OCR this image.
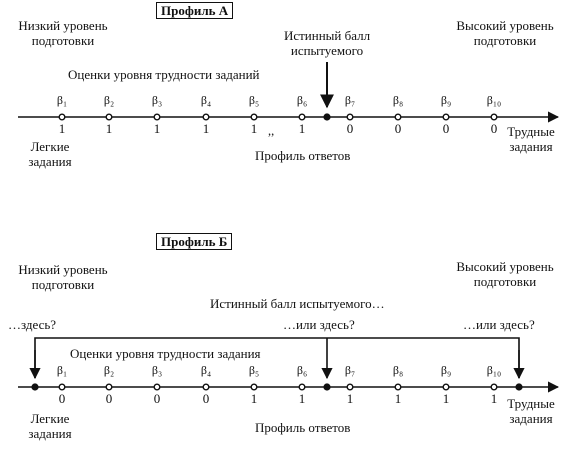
Профиль А
Низкий уровень
подготовки
Высокий уровень
подготовки
Истинный балл
испытуемого
Оценки уровня трудности заданий
β₁	β₂	β₃	β₄	β₅	β₆	β₇	β₈	β₉	β₁₀
1	1	1	1	1	1	0	0	0	0
,,
Легкие
задания	Профиль ответов
Трудные
задания
Профиль Б
Низкий уровень
подготовки
Высокий уровень
подготовки
Истинный балл испытуемого…
…здесь?	…или здесь?	…или здесь?
Оценки уровня трудности задания
β₁	β₂	β₃	β₄	β₅	β₆	β₇	β₈	β₉	β₁₀
0	0	0	0	1	1	1	1	1	1
Легкие
задания	Профиль ответов
Трудные
задания
